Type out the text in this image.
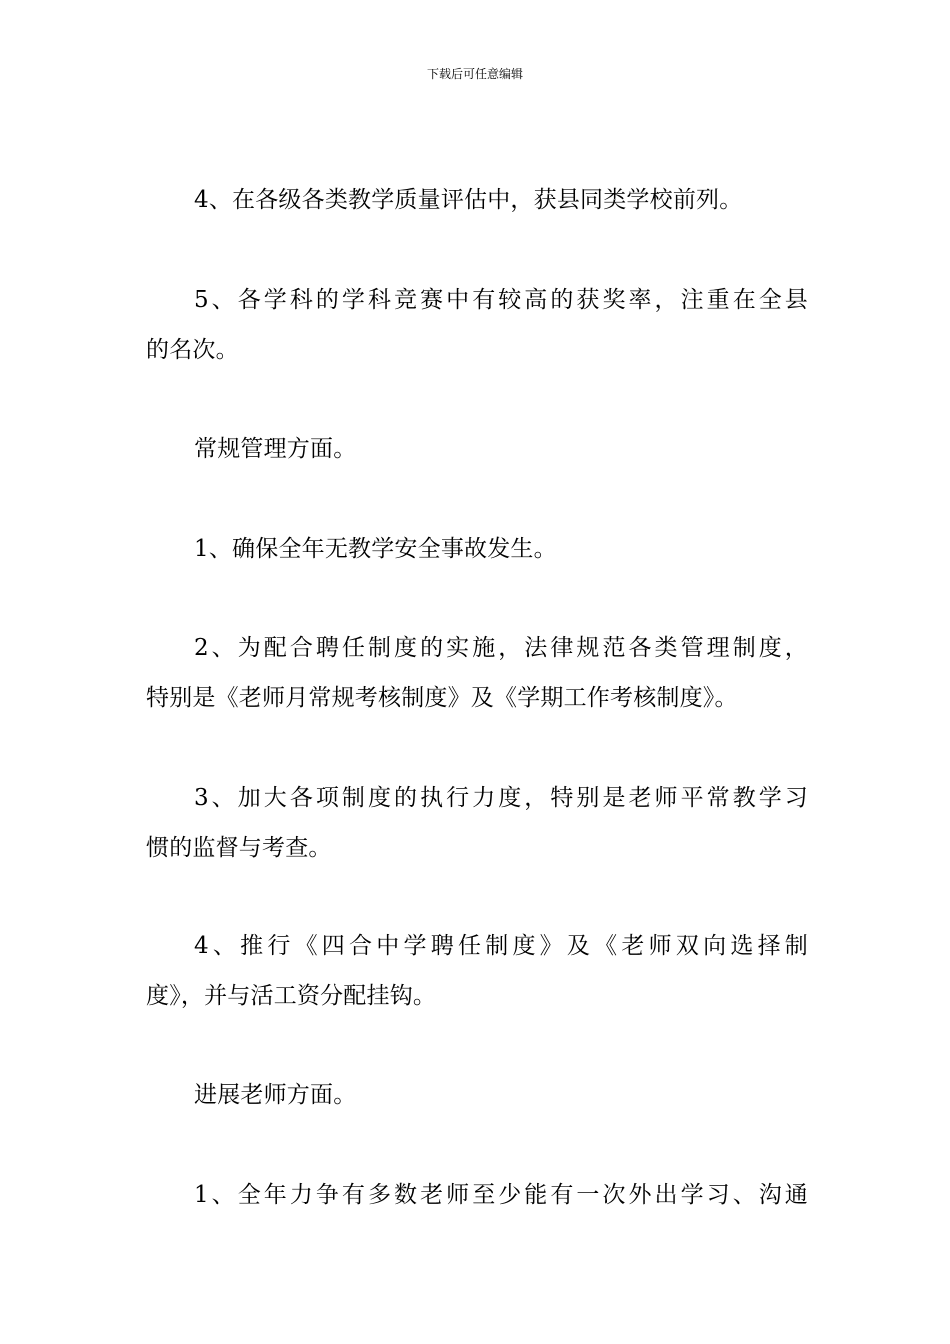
下载后可任意编辑
4、在各级各类教学质量评估中，获县同类学校前列。
5、各学科的学科竞赛中有较高的获奖率，注重在全县
的名次。
常规管理方面。
1、确保全年无教学安全事故发生。
2、为配合聘任制度的实施，法律规范各类管理制度，
特别是《老师月常规考核制度》及《学期工作考核制度》。
3、加大各项制度的执行力度，特别是老师平常教学习
惯的监督与考查。
4、推行《四合中学聘任制度》及《老师双向选择制
度》，并与活工资分配挂钩。
进展老师方面。
1、全年力争有多数老师至少能有一次外出学习、沟通
